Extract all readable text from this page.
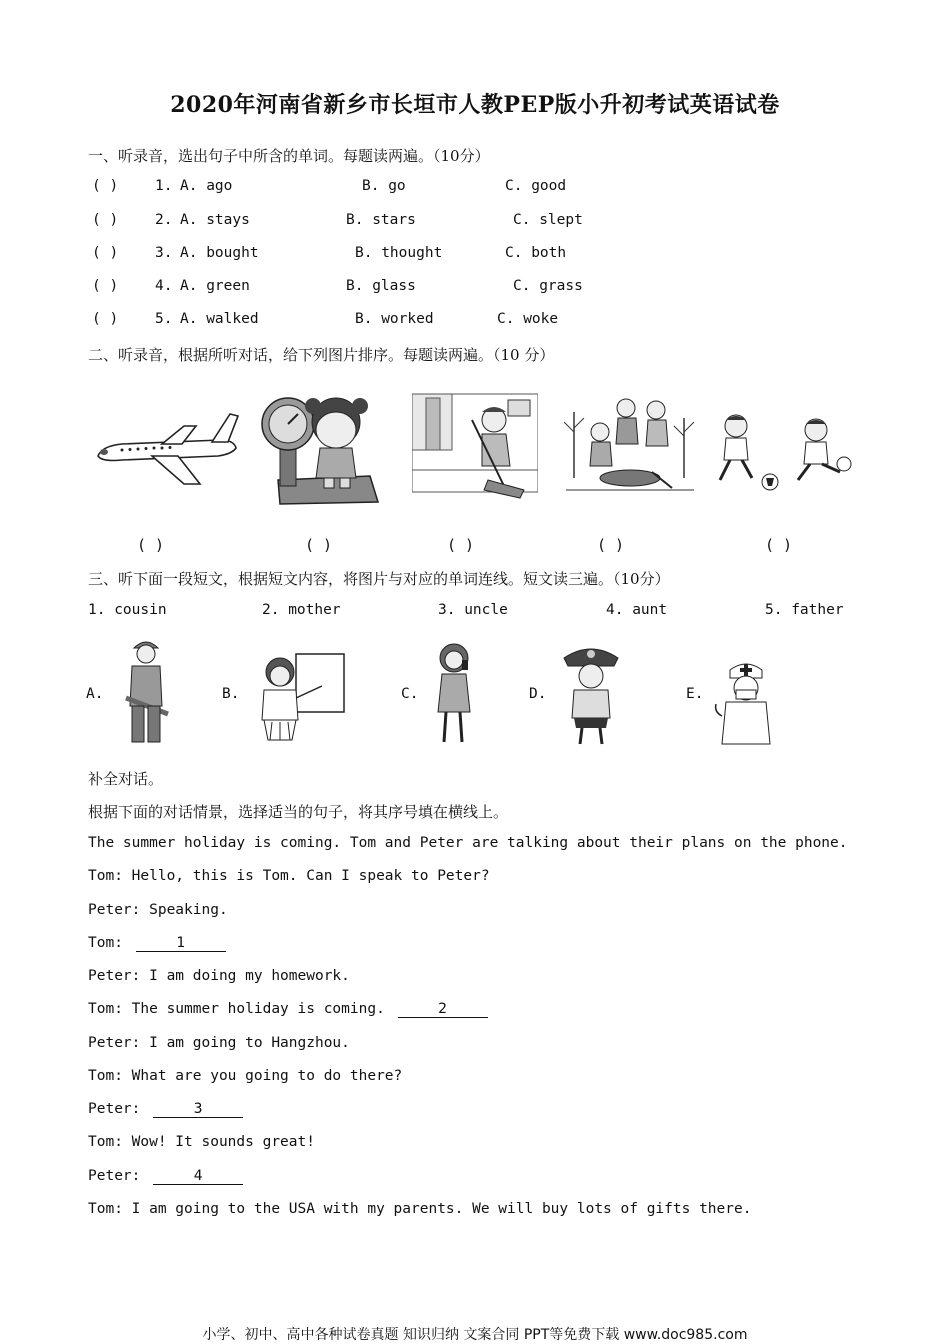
2020年河南省新乡市长垣市人教PEP版小升初考试英语试卷
一、听录音，选出句子中所含的单词。每题读两遍。（10分）
( )	1. A. ago	B. go	C. good
( )	2. A. stays	B. stars	C. slept
( )	3. A. bought	B. thought	C. both
( )	4. A. green	B. glass	C. grass
( )	5. A. walked	B. worked	C. woke
二、听录音，根据所听对话，给下列图片排序。每题读两遍。（10 分）
( )	( )	( )	( )	( )
三、听下面一段短文，根据短文内容，将图片与对应的单词连线。短文读三遍。（10分）
1. cousin	2. mother	3. uncle	4. aunt	5. father
A.	B.	C.	D.	E.
补全对话。
根据下面的对话情景，选择适当的句子，将其序号填在横线上。
The summer holiday is coming. Tom and Peter are talking about their plans on the phone.
Tom: Hello, this is Tom. Can I speak to Peter?
Peter: Speaking.
Tom:	1
Peter: I am doing my homework.
Tom: The summer holiday is coming.	2
Peter: I am going to Hangzhou.
Tom: What are you going to do there?
Peter:	3
Tom: Wow! It sounds great!
Peter:	4
Tom: I am going to the USA with my parents. We will buy lots of gifts there.
小学、初中、高中各种试卷真题 知识归纳 文案合同 PPT等免费下载 www.doc985.com
